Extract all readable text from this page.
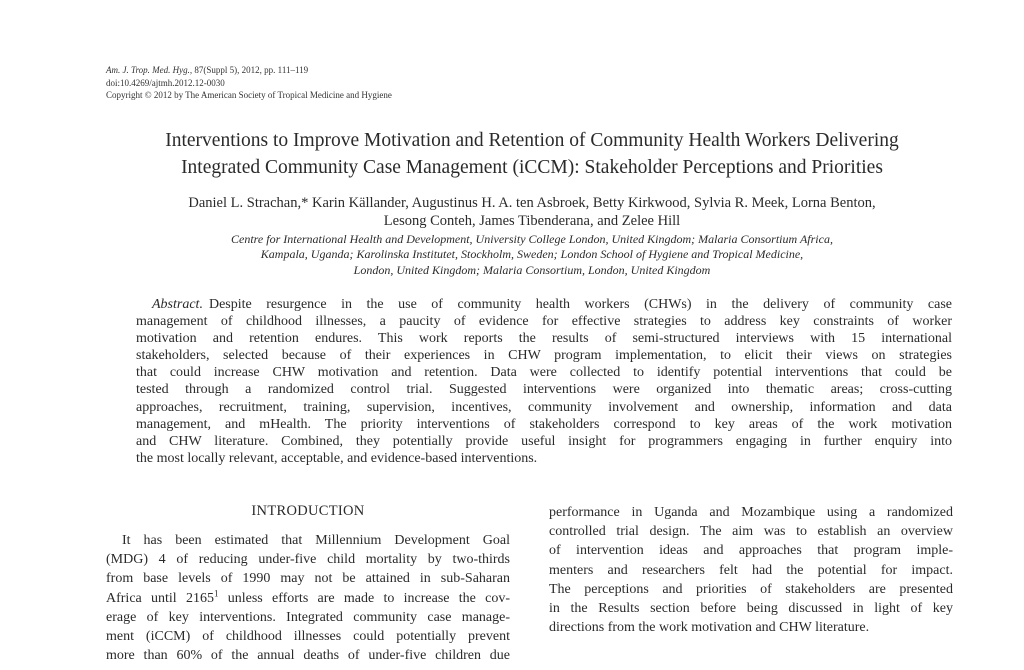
Am. J. Trop. Med. Hyg., 87(Suppl 5), 2012, pp. 111–119
doi:10.4269/ajtmh.2012.12-0030
Copyright © 2012 by The American Society of Tropical Medicine and Hygiene
Interventions to Improve Motivation and Retention of Community Health Workers Delivering
Integrated Community Case Management (iCCM): Stakeholder Perceptions and Priorities
Daniel L. Strachan,* Karin Källander, Augustinus H. A. ten Asbroek, Betty Kirkwood, Sylvia R. Meek, Lorna Benton,
Lesong Conteh, James Tibenderana, and Zelee Hill
Centre for International Health and Development, University College London, United Kingdom; Malaria Consortium Africa,
Kampala, Uganda; Karolinska Institutet, Stockholm, Sweden; London School of Hygiene and Tropical Medicine,
London, United Kingdom; Malaria Consortium, London, United Kingdom
Abstract. Despite resurgence in the use of community health workers (CHWs) in the delivery of community case
management of childhood illnesses, a paucity of evidence for effective strategies to address key constraints of worker
motivation and retention endures. This work reports the results of semi-structured interviews with 15 international
stakeholders, selected because of their experiences in CHW program implementation, to elicit their views on strategies
that could increase CHW motivation and retention. Data were collected to identify potential interventions that could be
tested through a randomized control trial. Suggested interventions were organized into thematic areas; cross-cutting
approaches, recruitment, training, supervision, incentives, community involvement and ownership, information and data
management, and mHealth. The priority interventions of stakeholders correspond to key areas of the work motivation
and CHW literature. Combined, they potentially provide useful insight for programmers engaging in further enquiry into
the most locally relevant, acceptable, and evidence-based interventions.
INTRODUCTION
It has been estimated that Millennium Development Goal
(MDG) 4 of reducing under-five child mortality by two-thirds
from base levels of 1990 may not be attained in sub-Saharan
Africa until 2165$^1$ unless efforts are made to increase the cov-
erage of key interventions. Integrated community case manage-
ment (iCCM) of childhood illnesses could potentially prevent
more than 60% of the annual deaths of under-five children due
performance in Uganda and Mozambique using a randomized
controlled trial design. The aim was to establish an overview
of intervention ideas and approaches that program imple-
menters and researchers felt had the potential for impact.
The perceptions and priorities of stakeholders are presented
in the Results section before being discussed in light of key
directions from the work motivation and CHW literature.
